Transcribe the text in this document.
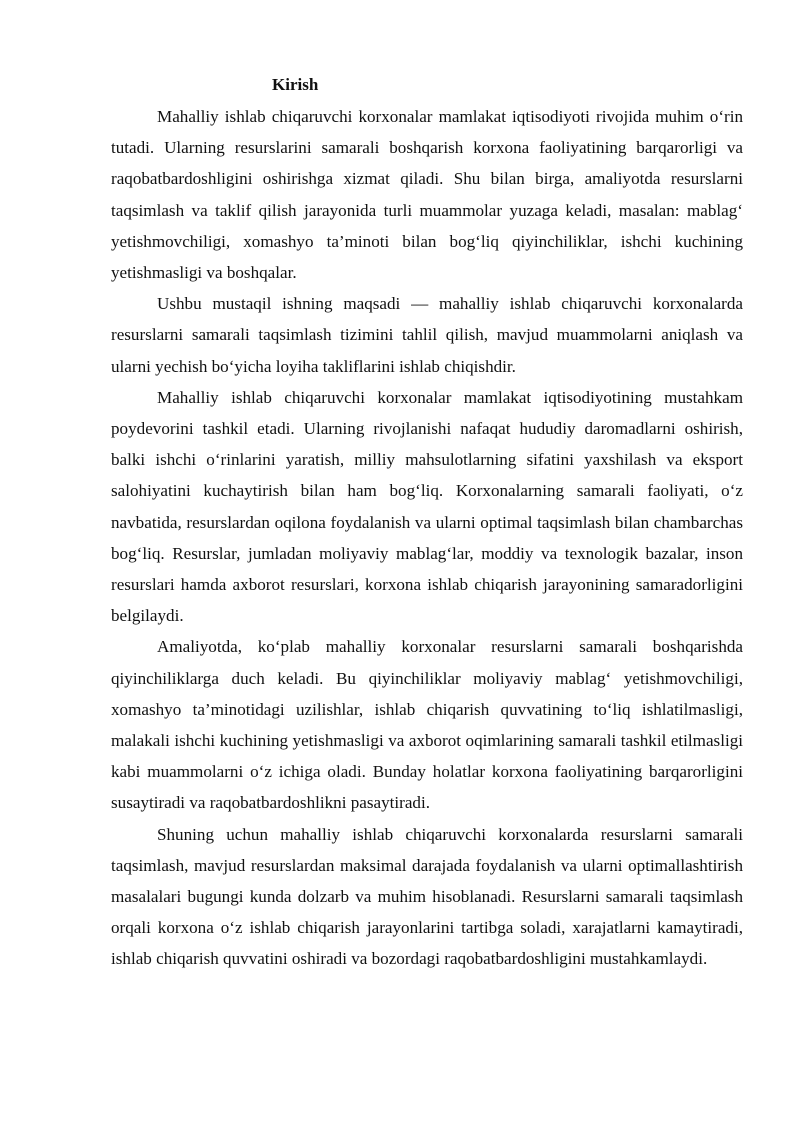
Kirish

Mahalliy ishlab chiqaruvchi korxonalar mamlakat iqtisodiyoti rivojida muhim o‘rin tutadi. Ularning resurslarini samarali boshqarish korxona faoliyatining barqarorligi va raqobatbardoshligini oshirishga xizmat qiladi. Shu bilan birga, amaliyotda resurslarni taqsimlash va taklif qilish jarayonida turli muammolar yuzaga keladi, masalan: mablag‘ yetishmovchiligi, xomashyo ta’minoti bilan bog‘liq qiyinchiliklar, ishchi kuchining yetishmasligi va boshqalar.

Ushbu mustaqil ishning maqsadi — mahalliy ishlab chiqaruvchi korxonalarda resurslarni samarali taqsimlash tizimini tahlil qilish, mavjud muammolarni aniqlash va ularni yechish bo‘yicha loyiha takliflarini ishlab chiqishdir.

Mahalliy ishlab chiqaruvchi korxonalar mamlakat iqtisodiyotining mustahkam poydevorini tashkil etadi. Ularning rivojlanishi nafaqat hududiy daromadlarni oshirish, balki ishchi o‘rinlarini yaratish, milliy mahsulotlarning sifatini yaxshilash va eksport salohiyatini kuchaytirish bilan ham bog‘liq. Korxonalarning samarali faoliyati, o‘z navbatida, resurslardan oqilona foydalanish va ularni optimal taqsimlash bilan chambarchas bog‘liq. Resurslar, jumladan moliyaviy mablag‘lar, moddiy va texnologik bazalar, inson resurslari hamda axborot resurslari, korxona ishlab chiqarish jarayonining samaradorligini belgilaydi.

Amaliyotda, ko‘plab mahalliy korxonalar resurslarni samarali boshqarishda qiyinchiliklarga duch keladi. Bu qiyinchiliklar moliyaviy mablag‘ yetishmovchiligi, xomashyo ta’minotidagi uzilishlar, ishlab chiqarish quvvatining to‘liq ishlatilmasligi, malakali ishchi kuchining yetishmasligi va axborot oqimlarining samarali tashkil etilmasligi kabi muammolarni o‘z ichiga oladi. Bunday holatlar korxona faoliyatining barqarorligini susaytiradi va raqobatbardoshlikni pasaytiradi.

Shuning uchun mahalliy ishlab chiqaruvchi korxonalarda resurslarni samarali taqsimlash, mavjud resurslardan maksimal darajada foydalanish va ularni optimallashtirish masalalari bugungi kunda dolzarb va muhim hisoblanadi. Resurslarni samarali taqsimlash orqali korxona o‘z ishlab chiqarish jarayonlarini tartibga soladi, xarajatlarni kamaytiradi, ishlab chiqarish quvvatini oshiradi va bozordagi raqobatbardoshligini mustahkamlaydi.
